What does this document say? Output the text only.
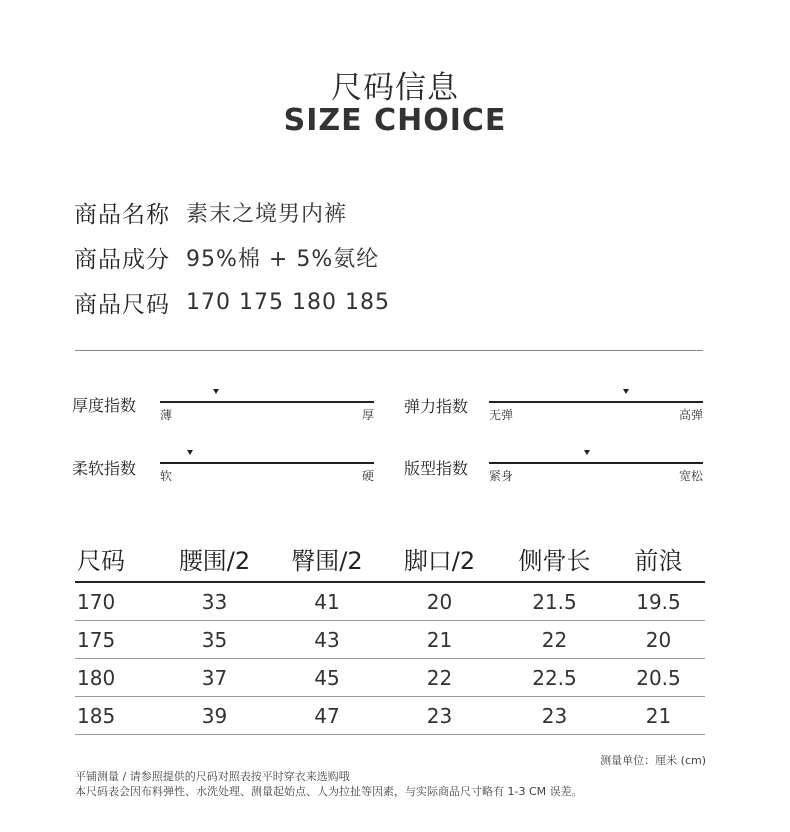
尺码信息
SIZE CHOICE
商品名称 素末之境男内裤
商品成分 95%棉 + 5%氨纶
商品尺码 170 175 180 185
厚度指数 薄	厚 弹力指数 无弹	高弹
柔软指数 软	硬 版型指数 紧身	宽松
尺码	腰围/2	臀围/2	脚口/2	侧骨长	前浪
170	33	41	20	21.5	19.5
175	35	43	21	22	20
180	37	45	22	22.5	20.5
185	39	47	23	23	21
测量单位：厘米 (cm)
平铺测量 / 请参照提供的尺码对照表按平时穿衣来选购哦
本尺码表会因布料弹性、水洗处理、测量起始点、人为拉扯等因素，与实际商品尺寸略有 1-3 CM 误差。
